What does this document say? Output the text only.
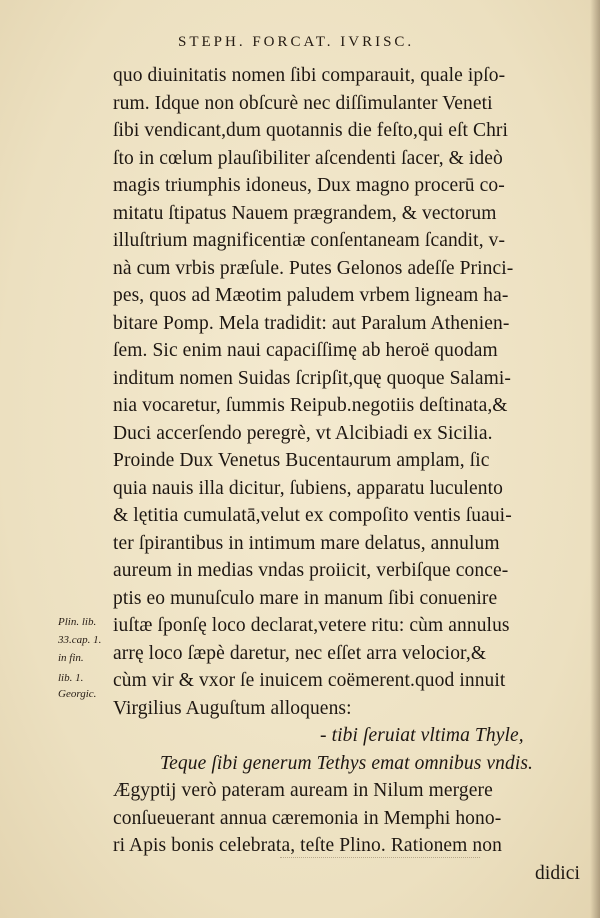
STEPH. FORCAT. IVRISC.
quo diuinitatis nomen ſibi comparauit, quale ipſo-
rum. Idque non obſcurè nec diſſimulanter Veneti
ſibi vendicant,dum quotannis die feſto,qui eſt Chri
ſto in cœlum plauſibiliter aſcendenti ſacer, & ideò
magis triumphis idoneus, Dux magno procerū co-
mitatu ſtipatus Nauem prægrandem, & vectorum
illuſtrium magnificentiæ conſentaneam ſcandit, v-
nà cum vrbis præſule. Putes Gelonos adeſſe Princi-
pes, quos ad Mæotim paludem vrbem ligneam ha-
bitare Pomp. Mela tradidit: aut Paralum Athenien-
ſem. Sic enim naui capaciſſimę ab heroë quodam
inditum nomen Suidas ſcripſit,quę quoque Salami-
nia vocaretur, ſummis Reipub.negotiis deſtinata,&
Duci accerſendo peregrè, vt Alcibiadi ex Sicilia.
Proinde Dux Venetus Bucentaurum amplam, ſic
quia nauis illa dicitur, ſubiens, apparatu luculento
& lętitia cumulatā,velut ex compoſito ventis ſuaui-
ter ſpirantibus in intimum mare delatus, annulum
aureum in medias vndas proiicit, verbiſque conce-
ptis eo munuſculo mare in manum ſibi conuenire
iuſtæ ſponſę loco declarat,vetere ritu: cùm annulus
arrę loco ſæpè daretur, nec eſſet arra velocior,&
cùm vir & vxor ſe inuicem coëmerent.quod innuit
Virgilius Auguſtum alloquens:
- tibi ſeruiat vltima Thyle,
Teque ſibi generum Tethys emat omnibus vndis.
Ægyptij verò pateram auream in Nilum mergere
conſueuerant annua cæremonia in Memphi hono-
ri Apis bonis celebrata, teſte Plino. Rationem non
didici
Plin. lib.
33.cap. 1.
in fin.
lib. 1.
Georgic.
